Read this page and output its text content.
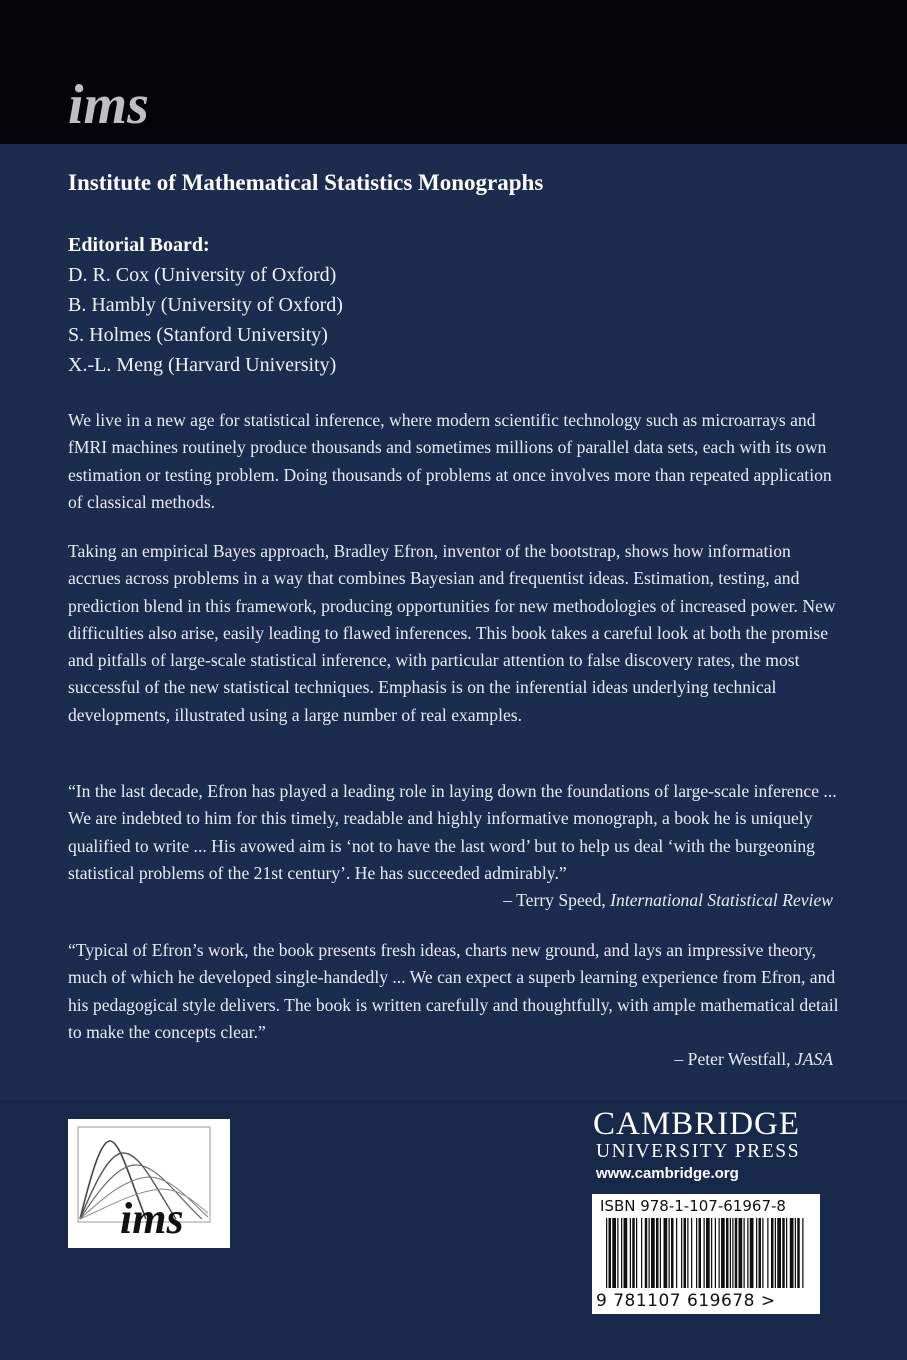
ims
Institute of Mathematical Statistics Monographs
Editorial Board:
D. R. Cox (University of Oxford)
B. Hambly (University of Oxford)
S. Holmes (Stanford University)
X.-L. Meng (Harvard University)

We live in a new age for statistical inference, where modern scientific technology such as microarrays and fMRI machines routinely produce thousands and sometimes millions of parallel data sets, each with its own estimation or testing problem. Doing thousands of problems at once involves more than repeated application of classical methods.

Taking an empirical Bayes approach, Bradley Efron, inventor of the bootstrap, shows how information accrues across problems in a way that combines Bayesian and frequentist ideas. Estimation, testing, and prediction blend in this framework, producing opportunities for new methodologies of increased power. New difficulties also arise, easily leading to flawed inferences. This book takes a careful look at both the promise and pitfalls of large-scale statistical inference, with particular attention to false discovery rates, the most successful of the new statistical techniques. Emphasis is on the inferential ideas underlying technical developments, illustrated using a large number of real examples.

“In the last decade, Efron has played a leading role in laying down the foundations of large-scale inference ... We are indebted to him for this timely, readable and highly informative monograph, a book he is uniquely qualified to write ... His avowed aim is ‘not to have the last word’ but to help us deal ‘with the burgeoning statistical problems of the 21st century’. He has succeeded admirably.”

– Terry Speed, International Statistical Review

“Typical of Efron’s work, the book presents fresh ideas, charts new ground, and lays an impressive theory, much of which he developed single-handedly ... We can expect a superb learning experience from Efron, and his pedagogical style delivers. The book is written carefully and thoughtfully, with ample mathematical detail to make the concepts clear.”

– Peter Westfall, JASA
ims
CAMBRIDGE
UNIVERSITY PRESS
www.cambridge.org
ISBN 978-1-107-61967-8
9 781107 619678 >
